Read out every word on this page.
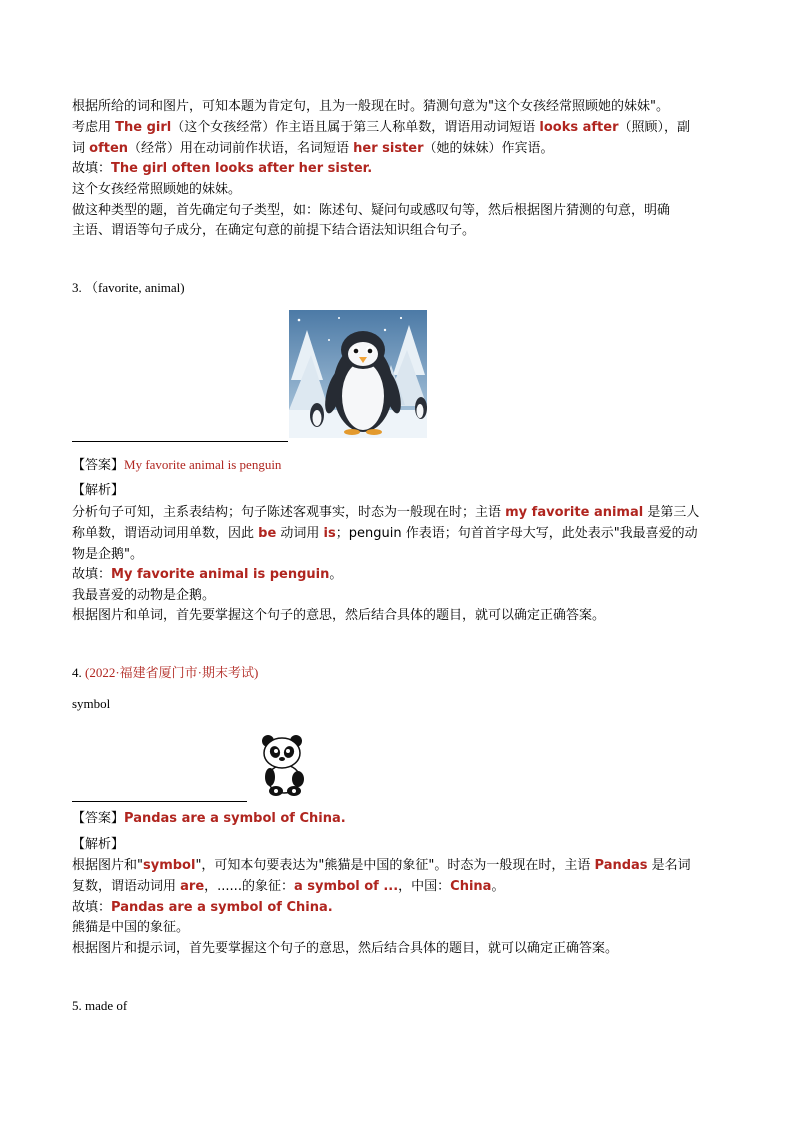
根据所给的词和图片，可知本题为肯定句，且为一般现在时。猜测句意为"这个女孩经常照顾她的妹妹"。
考虑用 The girl（这个女孩经常）作主语且属于第三人称单数，谓语用动词短语 looks after（照顾），副
词 often（经常）用在动词前作状语，名词短语 her sister（她的妹妹）作宾语。
故填：The girl often looks after her sister.
这个女孩经常照顾她的妹妹。
做这种类型的题，首先确定句子类型，如：陈述句、疑问句或感叹句等，然后根据图片猜测的句意，明确
主语、谓语等句子成分，在确定句意的前提下结合语法知识组合句子。
3. （favorite, animal)
【答案】My favorite animal is penguin
【解析】
分析句子可知，主系表结构；句子陈述客观事实，时态为一般现在时；主语 my favorite animal 是第三人
称单数，谓语动词用单数，因此 be 动词用 is；penguin 作表语；句首首字母大写，此处表示"我最喜爱的动
物是企鹅"。
故填：My favorite animal is penguin。
我最喜爱的动物是企鹅。
根据图片和单词，首先要掌握这个句子的意思，然后结合具体的题目，就可以确定正确答案。
4. (2022·福建省厦门市·期末考试)
symbol
【答案】Pandas are a symbol of China.
【解析】
根据图片和"symbol"，可知本句要表达为"熊猫是中国的象征"。时态为一般现在时，主语 Pandas 是名词
复数，谓语动词用 are，......的象征：a symbol of ...，中国：China。
故填：Pandas are a symbol of China.
熊猫是中国的象征。
根据图片和提示词，首先要掌握这个句子的意思，然后结合具体的题目，就可以确定正确答案。
5. made of
